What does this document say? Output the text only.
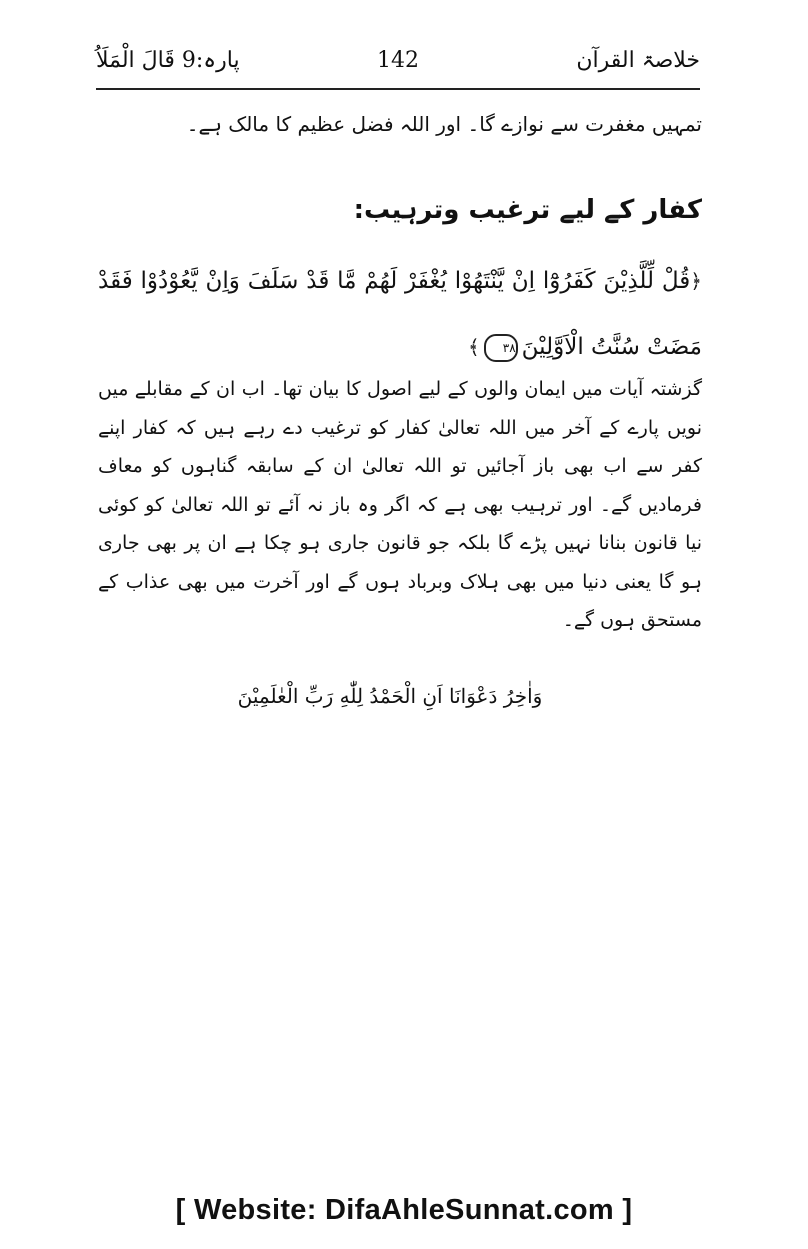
خلاصۃ القرآن
142
پارہ:9 قَالَ الْمَلَاُ
تمہیں مغفرت سے نوازے گا۔ اور اللہ فضل عظیم کا مالک ہے۔
کفار کے لیے ترغیب وترہیب:
﴿قُلْ لِّلَّذِيْنَ كَفَرُوْٓا اِنْ يَّنْتَهُوْا يُغْفَرْ لَهُمْ مَّا قَدْ سَلَفَ وَاِنْ يَّعُوْدُوْا فَقَدْ مَضَتْ سُنَّتُ الْاَوَّلِيْنَ٣٨﴾
گزشتہ آیات میں ایمان والوں کے لیے اصول کا بیان تھا۔ اب ان کے مقابلے میں نویں پارے کے آخر میں اللہ تعالیٰ کفار کو ترغیب دے رہے ہیں کہ کفار اپنے کفر سے اب بھی باز آجائیں تو اللہ تعالیٰ ان کے سابقہ گناہوں کو معاف فرمادیں گے۔ اور ترہیب بھی ہے کہ اگر وہ باز نہ آئے تو اللہ تعالیٰ کو کوئی نیا قانون بنانا نہیں پڑے گا بلکہ جو قانون جاری ہو چکا ہے ان پر بھی جاری ہو گا یعنی دنیا میں بھی ہلاک وبرباد ہوں گے اور آخرت میں بھی عذاب کے مستحق ہوں گے۔
وَاٰخِرُ دَعْوَانَا اَنِ الْحَمْدُ لِلّٰهِ رَبِّ الْعٰلَمِيْنَ
[ Website: DifaAhleSunnat.com ]
